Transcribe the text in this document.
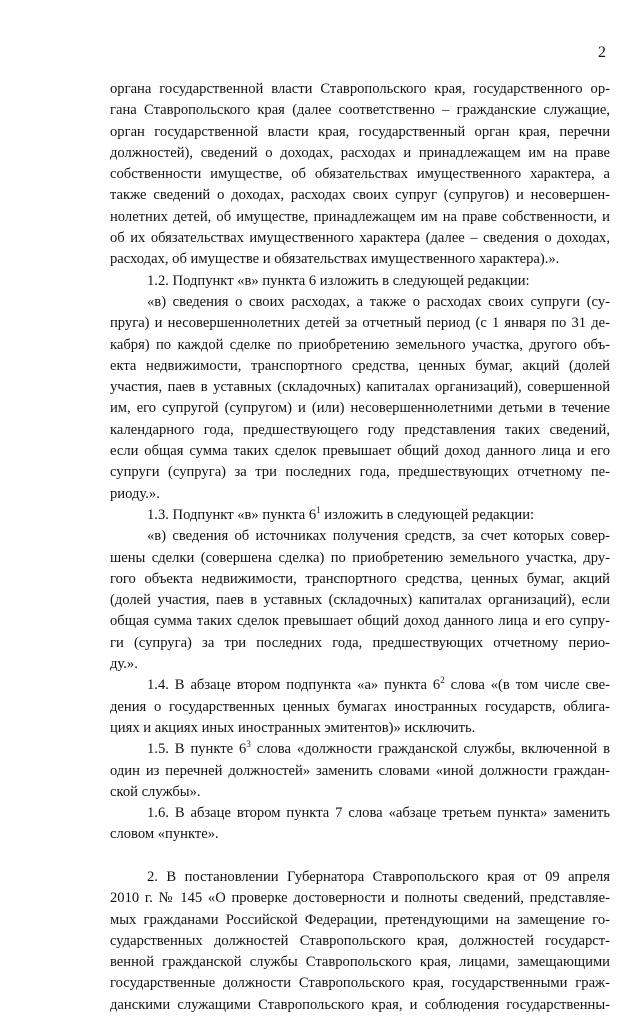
2
органа государственной власти Ставропольского края, государственного ор-
гана Ставропольского края (далее соответственно – гражданские служащие,
орган государственной власти края, государственный орган края, перечни
должностей), сведений о доходах, расходах и принадлежащем им на праве
собственности имуществе, об обязательствах имущественного характера, а
также сведений о доходах, расходах своих супруг (супругов) и несовершен-
нолетних детей, об имуществе, принадлежащем им на праве собственности, и
об их обязательствах имущественного характера (далее – сведения о доходах,
расходах, об имуществе и обязательствах имущественного характера).».
1.2. Подпункт «в» пункта 6 изложить в следующей редакции:
«в) сведения о своих расходах, а также о расходах своих супруги (су-
пруга) и несовершеннолетних детей за отчетный период (с 1 января по 31 де-
кабря) по каждой сделке по приобретению земельного участка, другого объ-
екта недвижимости, транспортного средства, ценных бумаг, акций (долей
участия, паев в уставных (складочных) капиталах организаций), совершенной
им, его супругой (супругом) и (или) несовершеннолетними детьми в течение
календарного года, предшествующего году представления таких сведений,
если общая сумма таких сделок превышает общий доход данного лица и его
супруги (супруга) за три последних года, предшествующих отчетному пе-
риоду.».
1.3. Подпункт «в» пункта $6^1$ изложить в следующей редакции:
«в) сведения об источниках получения средств, за счет которых совер-
шены сделки (совершена сделка) по приобретению земельного участка, дру-
гого объекта недвижимости, транспортного средства, ценных бумаг, акций
(долей участия, паев в уставных (складочных) капиталах организаций), если
общая сумма таких сделок превышает общий доход данного лица и его супру-
ги (супруга) за три последних года, предшествующих отчетному перио-
ду.».
1.4. В абзаце втором подпункта «а» пункта $6^2$ слова «(в том числе све-
дения о государственных ценных бумагах иностранных государств, облига-
циях и акциях иных иностранных эмитентов)» исключить.
1.5. В пункте $6^3$ слова «должности гражданской службы, включенной в
один из перечней должностей» заменить словами «иной должности граждан-
ской службы».
1.6. В абзаце втором пункта 7 слова «абзаце третьем пункта» заменить
словом «пункте».
2. В постановлении Губернатора Ставропольского края от 09 апреля
2010 г. № 145 «О проверке достоверности и полноты сведений, представляе-
мых гражданами Российской Федерации, претендующими на замещение го-
сударственных должностей Ставропольского края, должностей государст-
венной гражданской службы Ставропольского края, лицами, замещающими
государственные должности Ставропольского края, государственными граж-
данскими служащими Ставропольского края, и соблюдения государственны-
